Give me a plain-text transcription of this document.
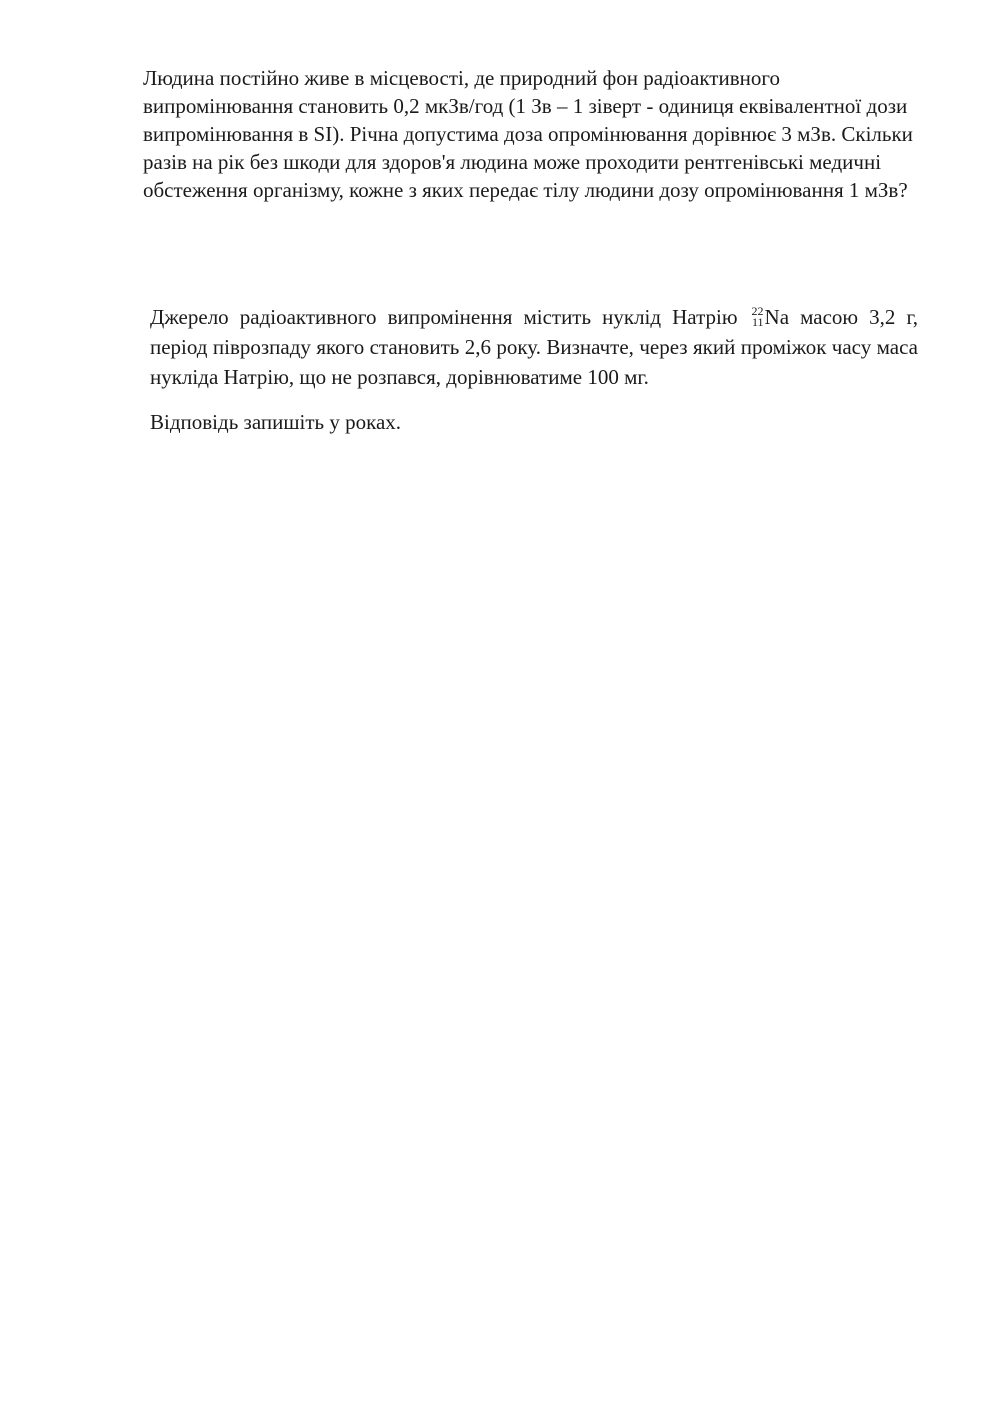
Людина постійно живе в місцевості, де природний фон радіоактивного випромінювання становить 0,2 мкЗв/год (1 Зв – 1 зіверт - одиниця еквівалентної дози випромінювання в SI). Річна допустима доза опромінювання дорівнює 3 мЗв. Скільки разів на рік без шкоди для здоров'я людина може проходити рентгенівські медичні обстеження організму, кожне з яких передає тілу людини дозу опромінювання 1 мЗв?

Джерело радіоактивного випромінення містить нуклід Натрію 22
11 Na масою 3,2 г, період піврозпаду якого становить 2,6 року. Визначте, через який проміжок часу маса нукліда Натрію, що не розпався, дорівнюватиме 100 мг.

Відповідь запишіть у роках.
